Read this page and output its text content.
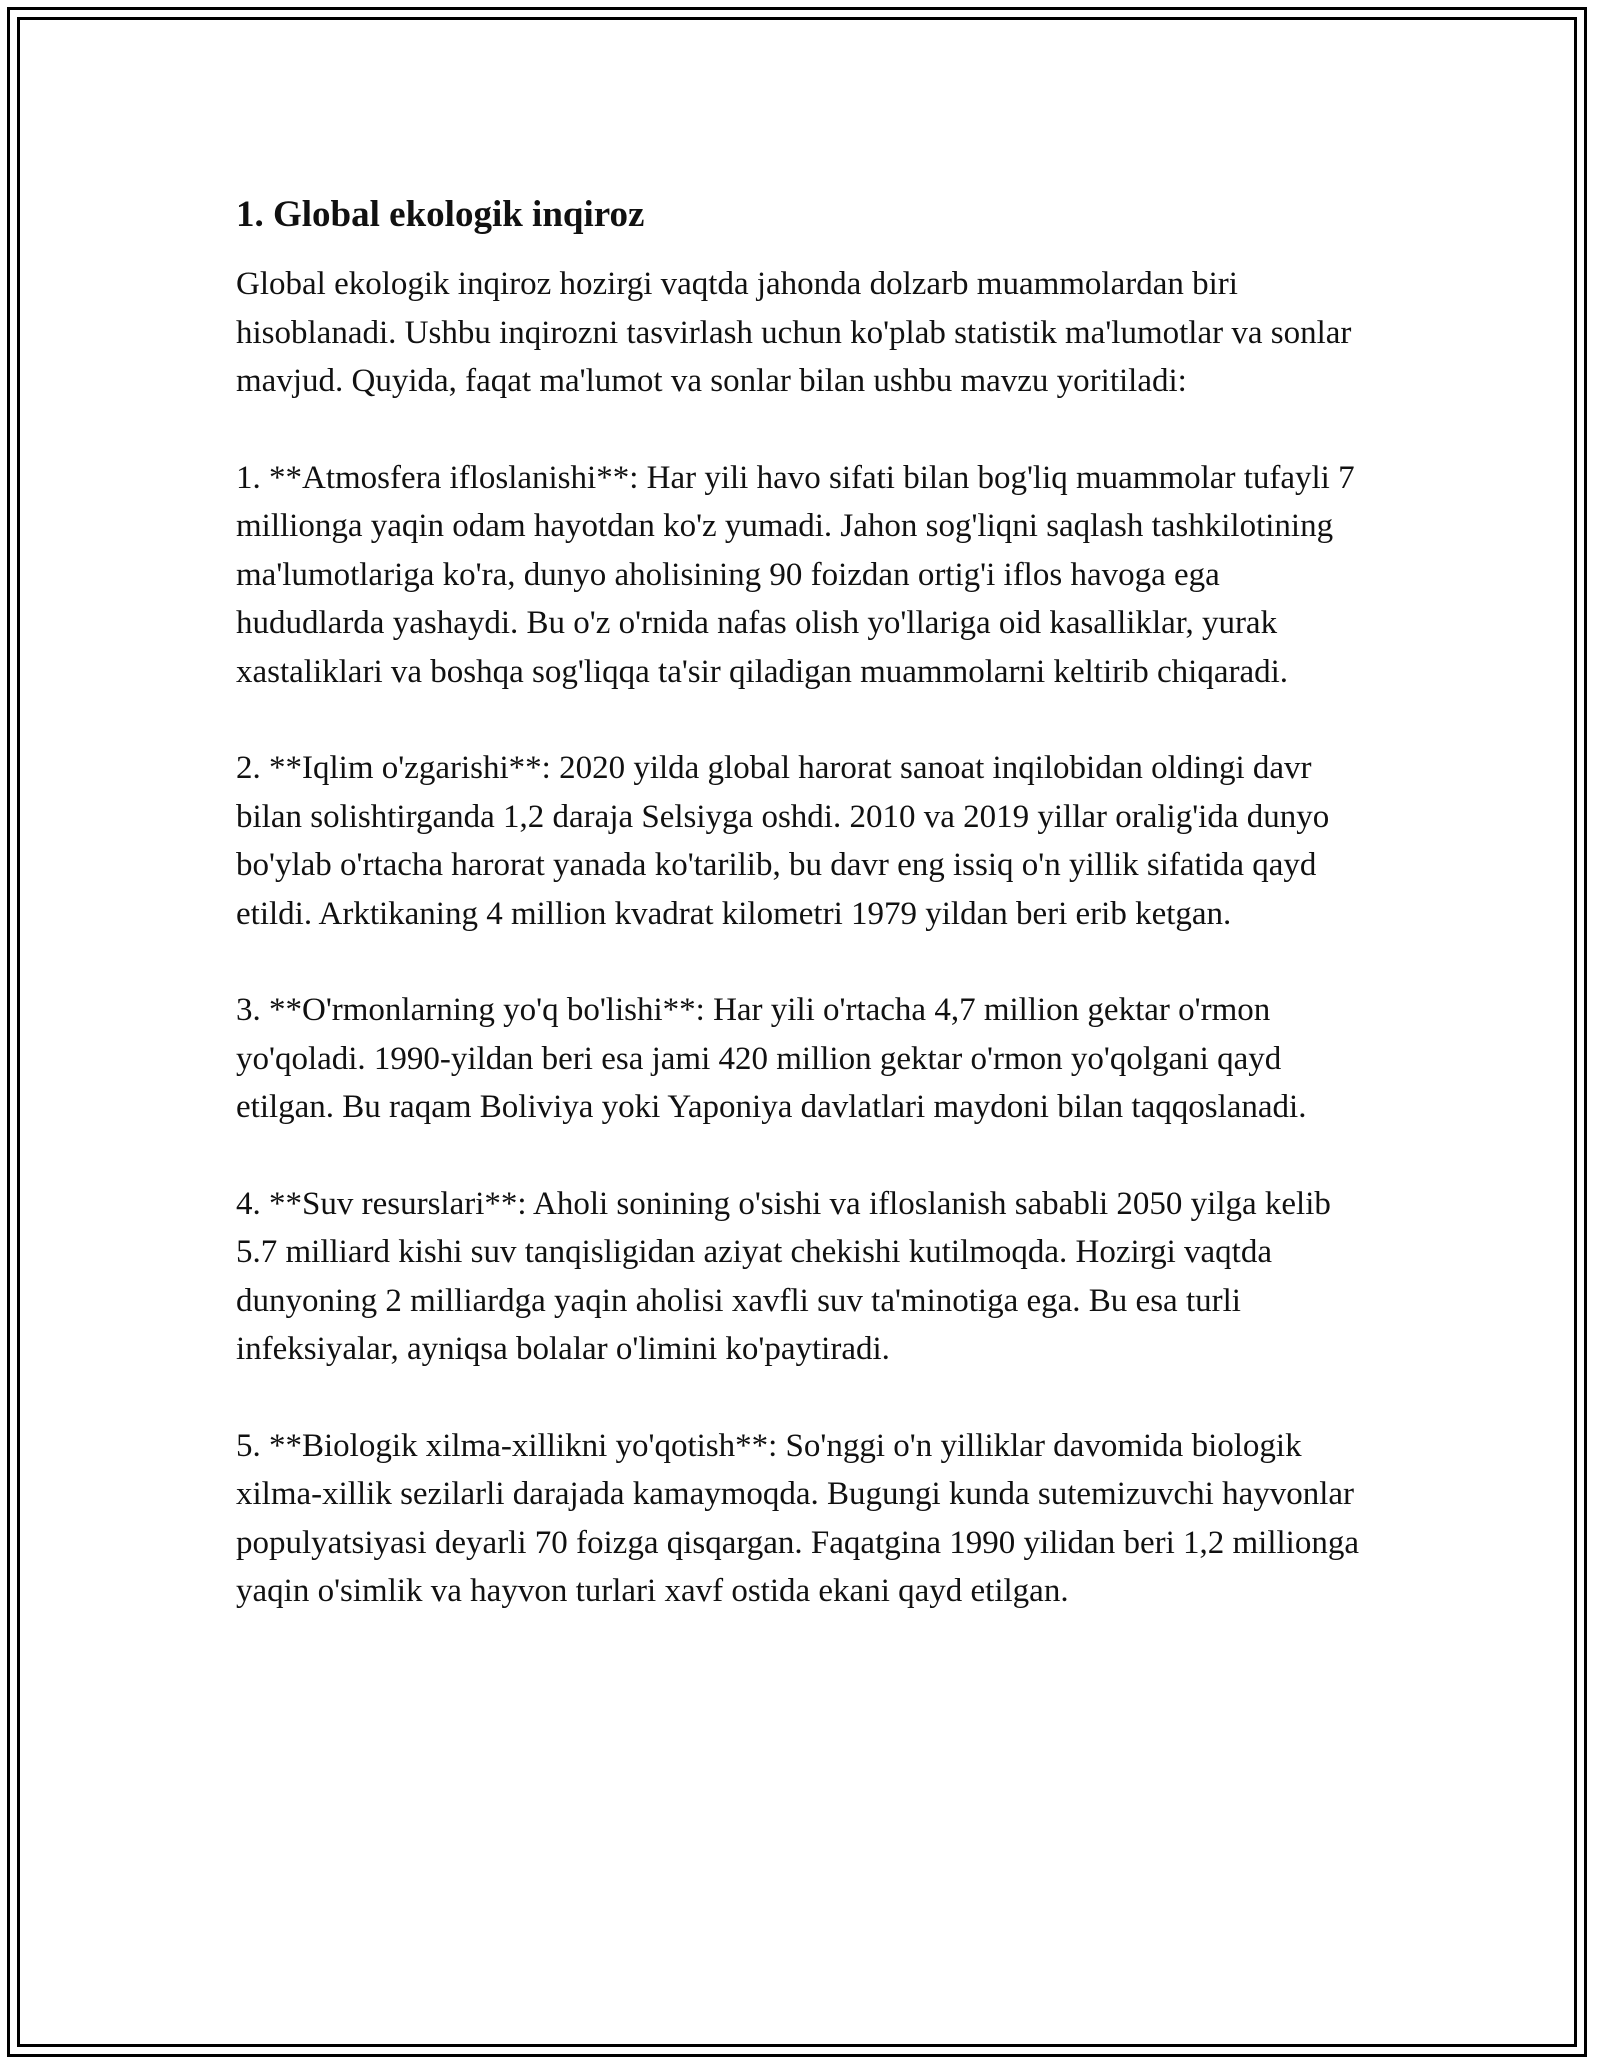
1. Global ekologik inqiroz

Global ekologik inqiroz hozirgi vaqtda jahonda dolzarb muammolardan biri hisoblanadi. Ushbu inqirozni tasvirlash uchun ko'plab statistik ma'lumotlar va sonlar mavjud. Quyida, faqat ma'lumot va sonlar bilan ushbu mavzu yoritiladi:

1. **Atmosfera ifloslanishi**: Har yili havo sifati bilan bog'liq muammolar tufayli 7 millionga yaqin odam hayotdan ko'z yumadi. Jahon sog'liqni saqlash tashkilotining ma'lumotlariga ko'ra, dunyo aholisining 90 foizdan ortig'i iflos havoga ega hududlarda yashaydi. Bu o'z o'rnida nafas olish yo'llariga oid kasalliklar, yurak xastaliklari va boshqa sog'liqqa ta'sir qiladigan muammolarni keltirib chiqaradi.

2. **Iqlim o'zgarishi**: 2020 yilda global harorat sanoat inqilobidan oldingi davr bilan solishtirganda 1,2 daraja Selsiyga oshdi. 2010 va 2019 yillar oralig'ida dunyo bo'ylab o'rtacha harorat yanada ko'tarilib, bu davr eng issiq o'n yillik sifatida qayd etildi. Arktikaning 4 million kvadrat kilometri 1979 yildan beri erib ketgan.

3. **O'rmonlarning yo'q bo'lishi**: Har yili o'rtacha 4,7 million gektar o'rmon yo'qoladi. 1990-yildan beri esa jami 420 million gektar o'rmon yo'qolgani qayd etilgan. Bu raqam Boliviya yoki Yaponiya davlatlari maydoni bilan taqqoslanadi.

4. **Suv resurslari**: Aholi sonining o'sishi va ifloslanish sababli 2050 yilga kelib 5.7 milliard kishi suv tanqisligidan aziyat chekishi kutilmoqda. Hozirgi vaqtda dunyoning 2 milliardga yaqin aholisi xavfli suv ta'minotiga ega. Bu esa turli infeksiyalar, ayniqsa bolalar o'limini ko'paytiradi.

5. **Biologik xilma-xillikni yo'qotish**: So'nggi o'n yilliklar davomida biologik xilma-xillik sezilarli darajada kamaymoqda. Bugungi kunda sutemizuvchi hayvonlar populyatsiyasi deyarli 70 foizga qisqargan. Faqatgina 1990 yilidan beri 1,2 millionga yaqin o'simlik va hayvon turlari xavf ostida ekani qayd etilgan.
